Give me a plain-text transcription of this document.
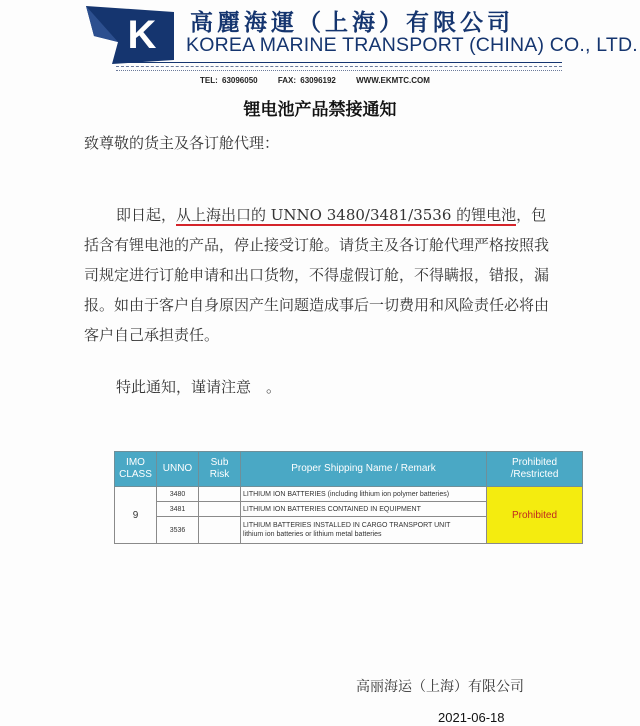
K 高麗海運（上海）有限公司
KOREA MARINE TRANSPORT (CHINA) CO., LTD.
TEL: 63096050	FAX: 63096192	WWW.EKMTC.COM
锂电池产品禁接通知
致尊敬的货主及各订舱代理：

即日起，从上海出口的 UNNO 3480/3481/3536 的锂电池，包括含有锂电池的产品，停止接受订舱。请货主及各订舱代理严格按照我司规定进行订舱申请和出口货物，不得虚假订舱，不得瞒报，错报，漏报。如由于客户自身原因产生问题造成事后一切费用和风险责任必将由客户自己承担责任。

特此通知，谨请注意　。
IMO CLASS	UNNO	Sub Risk	Proper Shipping Name / Remark	Prohibited /Restricted
9	3480		LITHIUM ION BATTERIES (including lithium ion polymer batteries)	Prohibited
	3481		LITHIUM ION BATTERIES CONTAINED IN EQUIPMENT	
	3536		LITHIUM BATTERIES INSTALLED IN CARGO TRANSPORT UNIT
lithium ion batteries or lithium metal batteries	
高丽海运（上海）有限公司
2021-06-18
